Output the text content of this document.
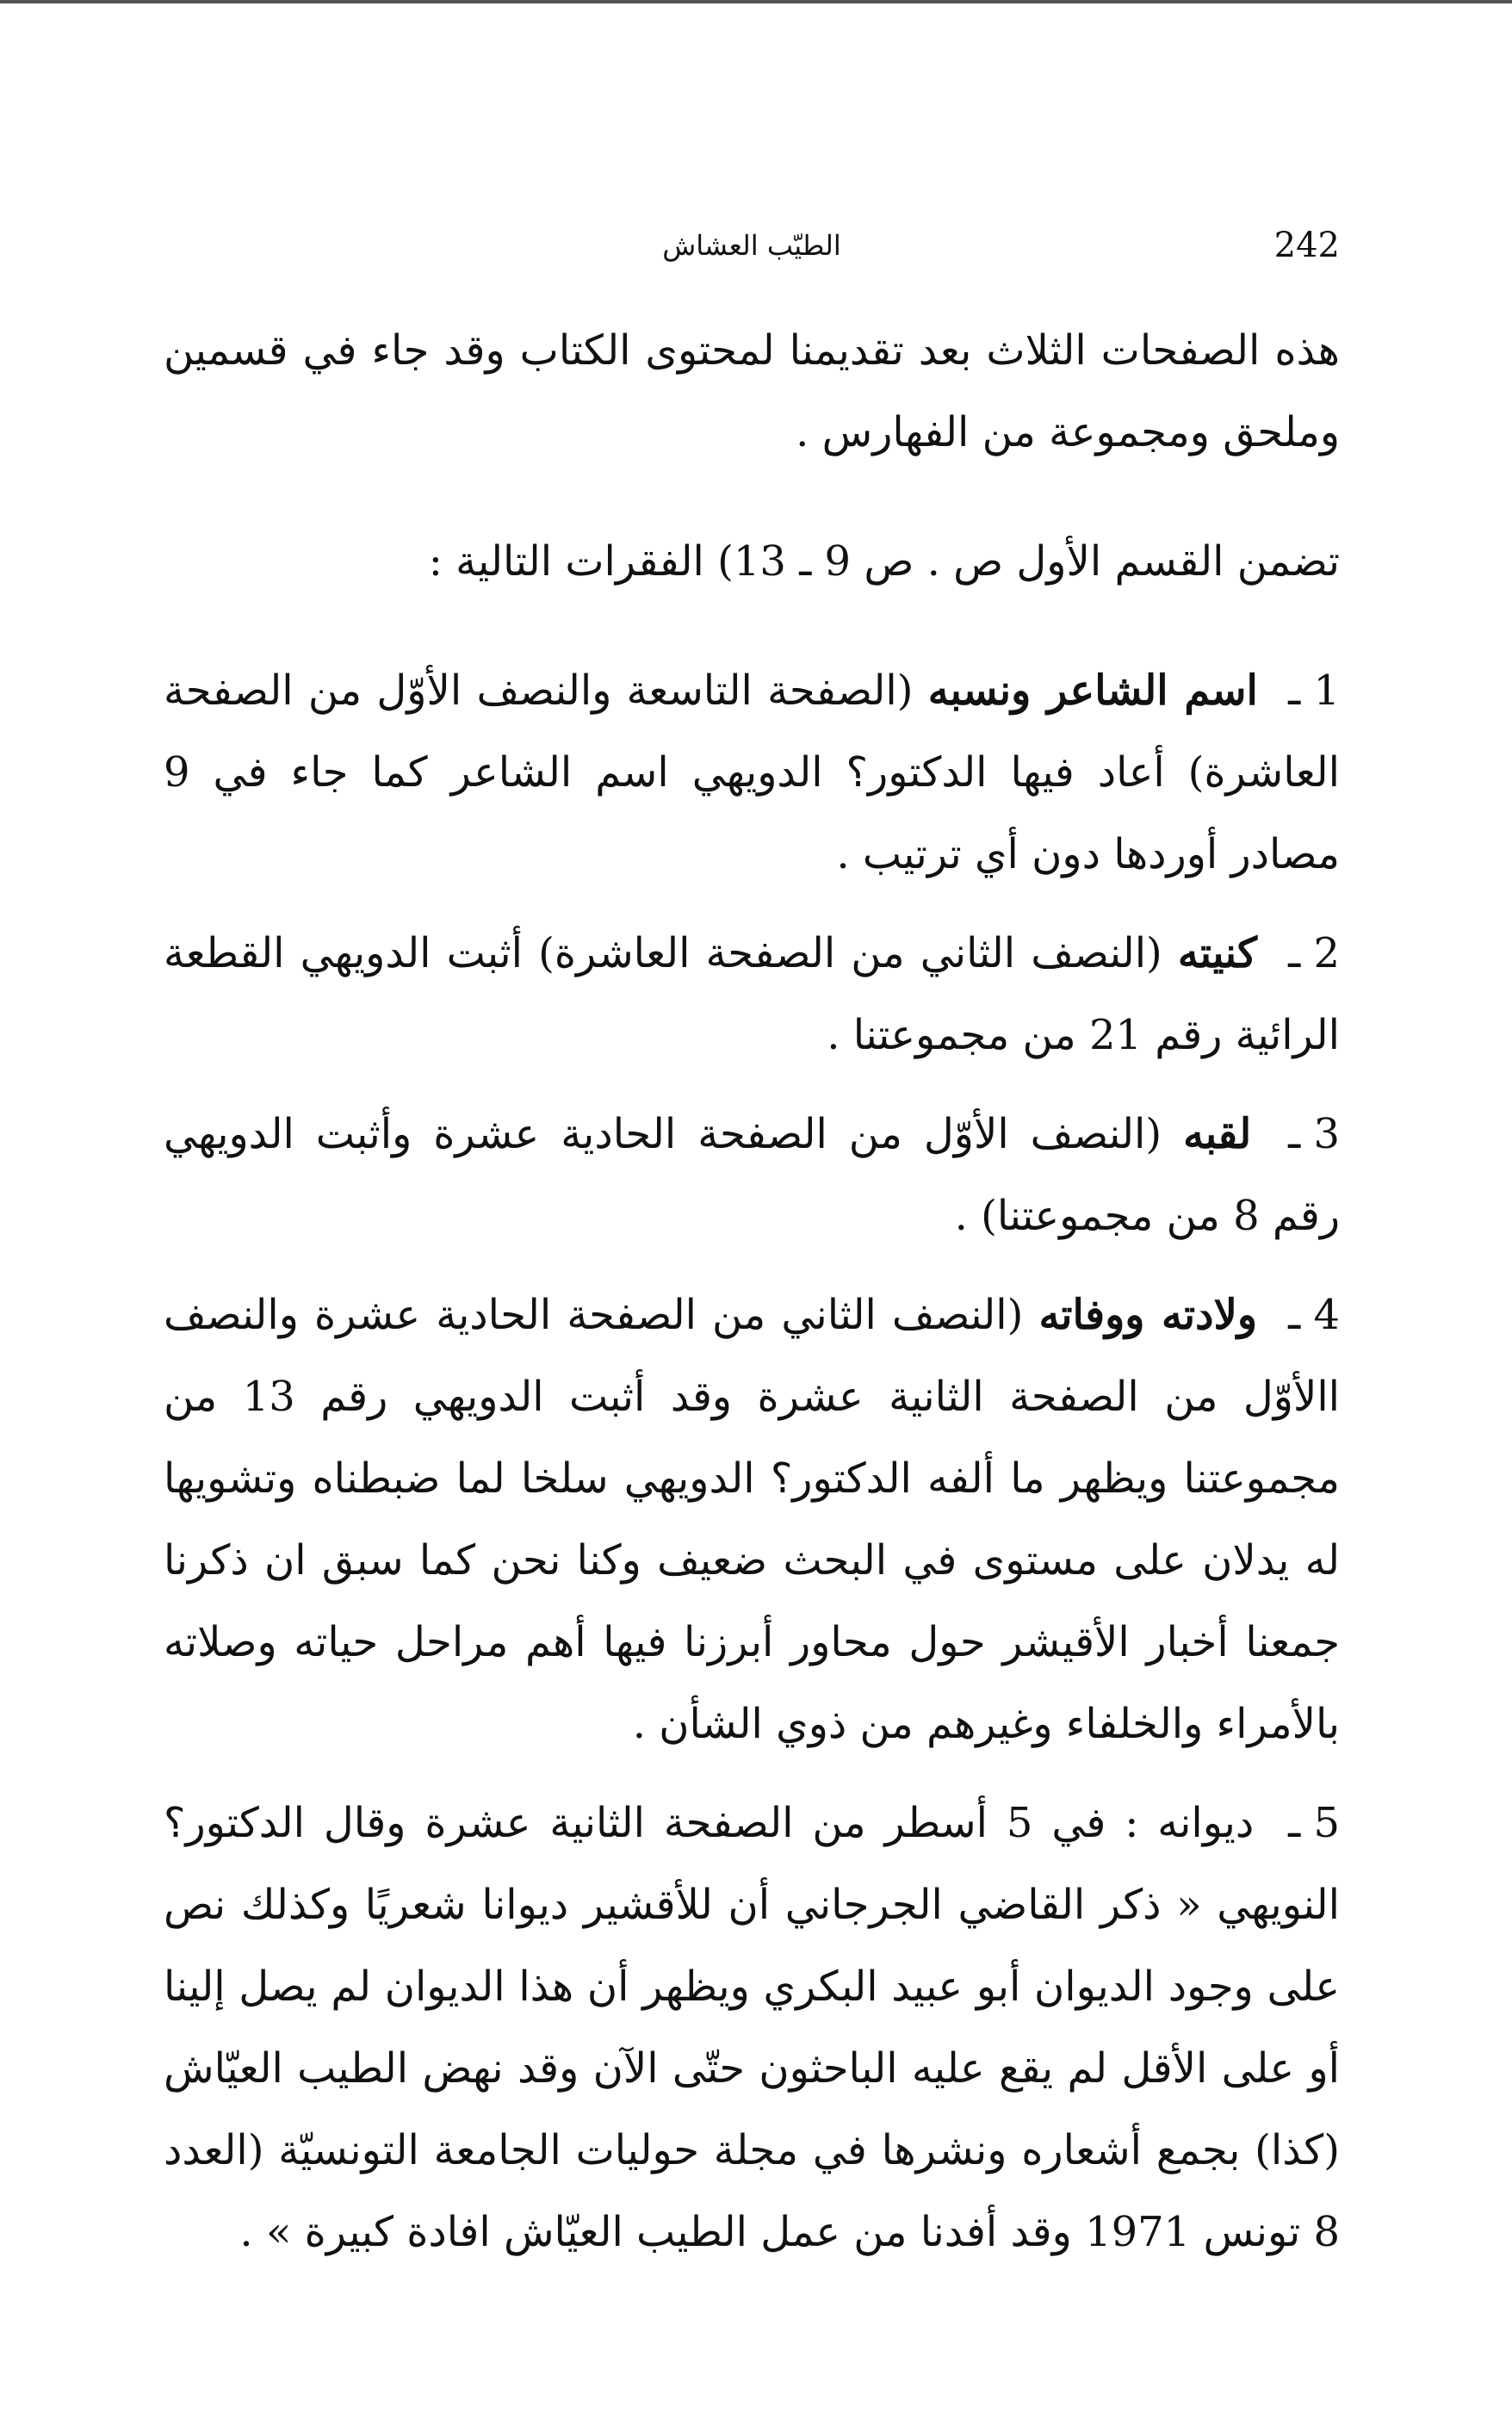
242
الطيّب العشاش

هذه الصفحات الثلاث بعد تقديمنا لمحتوى الكتاب وقد جاء في قسمين وملحق ومجموعة من الفهارس .

تضمن القسم الأول ص . ص 9 ـ 13) الفقرات التالية :

1 ـ اسم الشاعر ونسبه (الصفحة التاسعة والنصف الأوّل من الصفحة العاشرة) أعاد فيها الدكتور؟ الدويهي اسم الشاعر كما جاء في 9 مصادر أوردها دون أي ترتيب .

2 ـ كنيته (النصف الثاني من الصفحة العاشرة) أثبت الدويهي القطعة الرائية رقم 21 من مجموعتنا .

3 ـ لقبه (النصف الأوّل من الصفحة الحادية عشرة وأثبت الدويهي رقم 8 من مجموعتنا) .

4 ـ ولادته ووفاته (النصف الثاني من الصفحة الحادية عشرة والنصف االأوّل من الصفحة الثانية عشرة وقد أثبت الدويهي رقم 13 من مجموعتنا ويظهر ما ألفه الدكتور؟ الدويهي سلخا لما ضبطناه وتشويها له يدلان على مستوى في البحث ضعيف وكنا نحن كما سبق ان ذكرنا جمعنا أخبار الأقيشر حول محاور أبرزنا فيها أهم مراحل حياته وصلاته بالأمراء والخلفاء وغيرهم من ذوي الشأن .

5 ـ ديوانه : في 5 أسطر من الصفحة الثانية عشرة وقال الدكتور؟ النويهي « ذكر القاضي الجرجاني أن للأقشير ديوانا شعريًا وكذلك نص على وجود الديوان أبو عبيد البكري ويظهر أن هذا الديوان لم يصل إلينا أو على الأقل لم يقع عليه الباحثون حتّى الآن وقد نهض الطيب العيّاش (كذا) بجمع أشعاره ونشرها في مجلة حوليات الجامعة التونسيّة (العدد 8 تونس 1971 وقد أفدنا من عمل الطيب العيّاش افادة كبيرة » .
